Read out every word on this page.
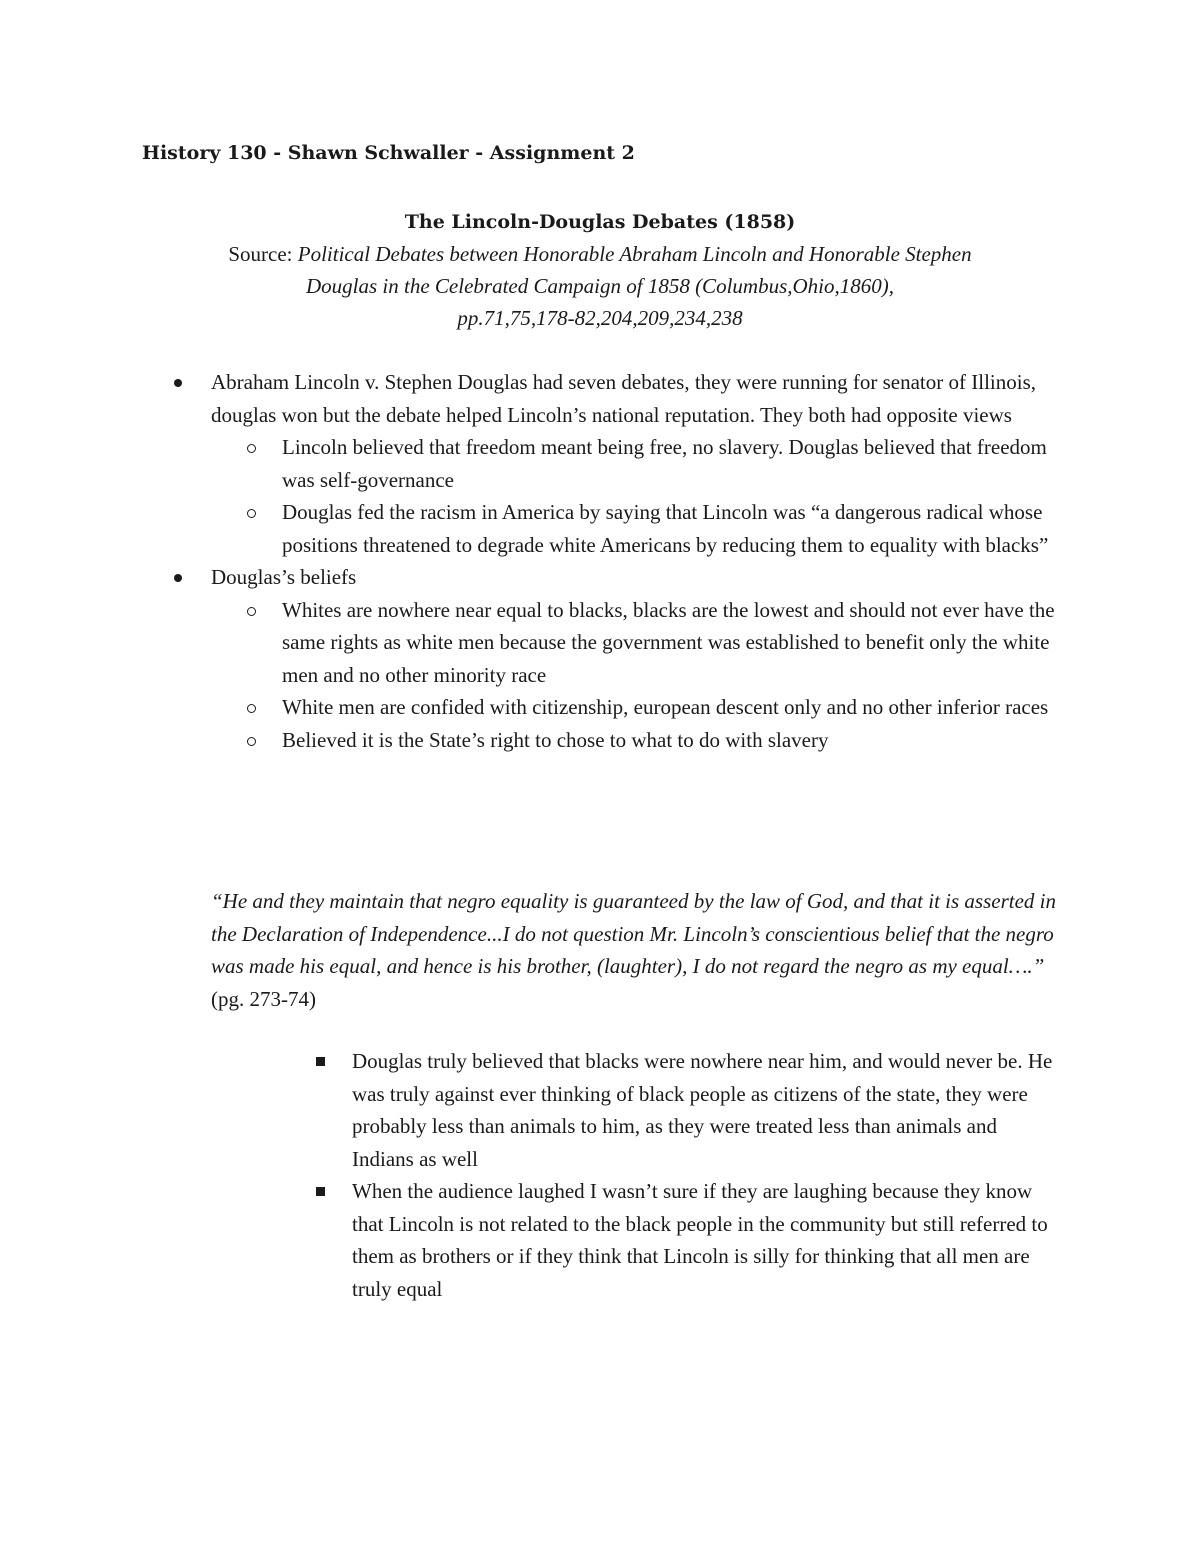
History 130 - Shawn Schwaller - Assignment 2
The Lincoln-Douglas Debates (1858)
Source: Political Debates between Honorable Abraham Lincoln and Honorable Stephen
Douglas in the Celebrated Campaign of 1858 (Columbus,Ohio,1860),
pp.71,75,178-82,204,209,234,238
Abraham Lincoln v. Stephen Douglas had seven debates, they were running for senator of Illinois, douglas won but the debate helped Lincoln’s national reputation. They both had opposite views
Lincoln believed that freedom meant being free, no slavery. Douglas believed that freedom was self-governance
Douglas fed the racism in America by saying that Lincoln was “a dangerous radical whose positions threatened to degrade white Americans by reducing them to equality with blacks”
Douglas’s beliefs
Whites are nowhere near equal to blacks, blacks are the lowest and should not ever have the same rights as white men because the government was established to benefit only the white men and no other minority race
White men are confided with citizenship, european descent only and no other inferior races
Believed it is the State’s right to chose to what to do with slavery
“He and they maintain that negro equality is guaranteed by the law of God, and that it is asserted in the Declaration of Independence...I do not question Mr. Lincoln’s conscientious belief that the negro was made his equal, and hence is his brother, (laughter), I do not regard the negro as my equal….” (pg. 273-74)
Douglas truly believed that blacks were nowhere near him, and would never be. He was truly against ever thinking of black people as citizens of the state, they were probably less than animals to him, as they were treated less than animals and Indians as well
When the audience laughed I wasn’t sure if they are laughing because they know that Lincoln is not related to the black people in the community but still referred to them as brothers or if they think that Lincoln is silly for thinking that all men are truly equal
